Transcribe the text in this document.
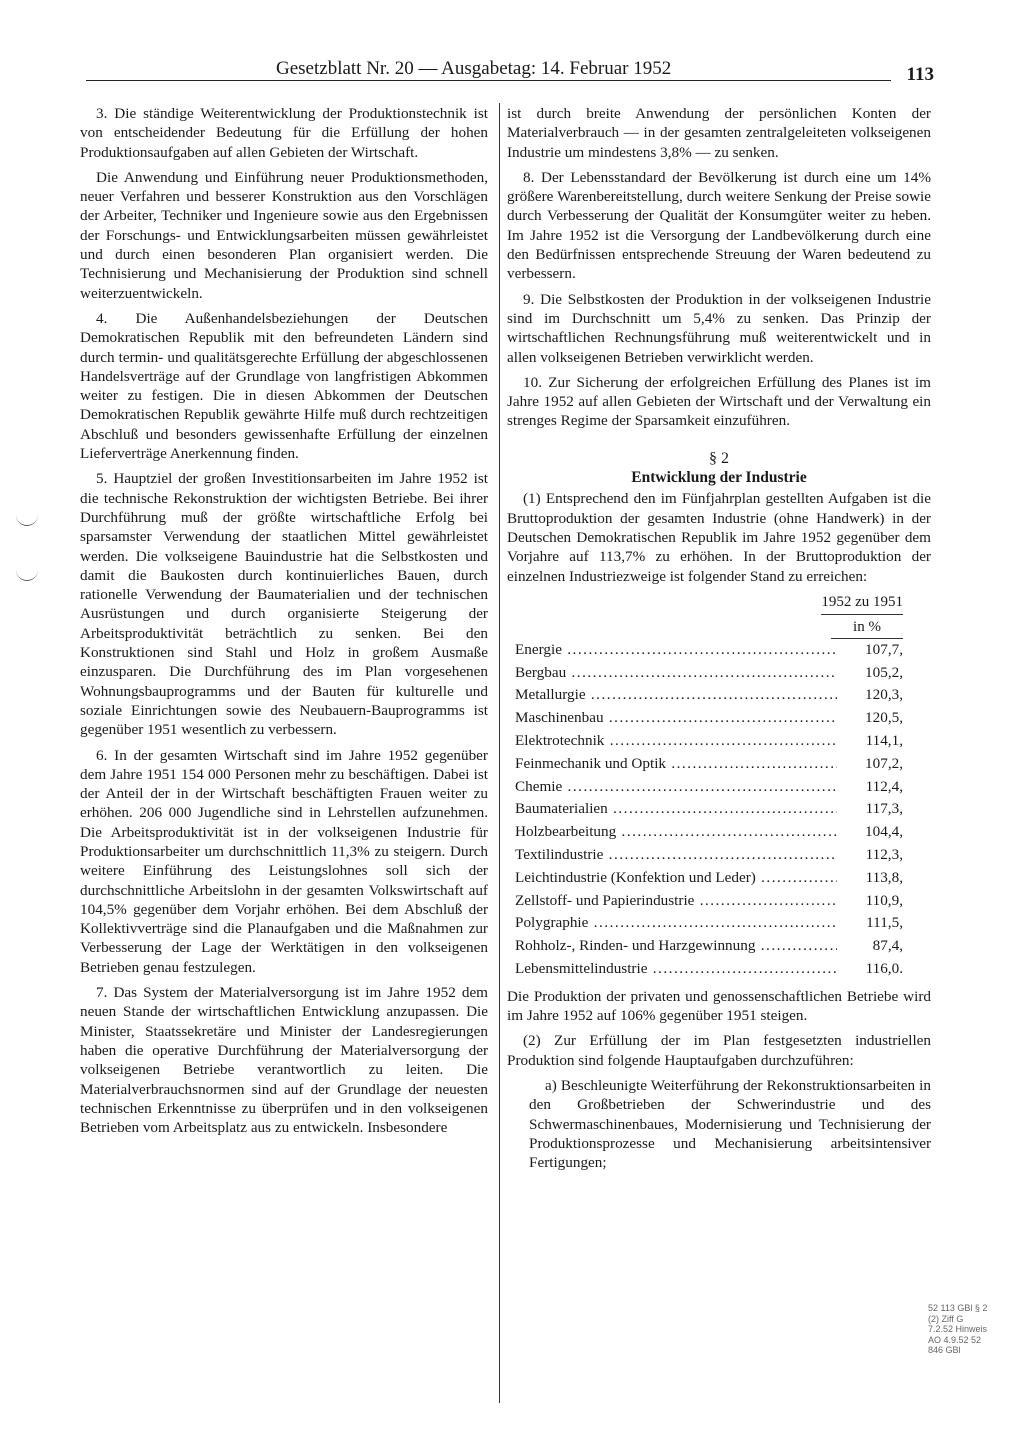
Gesetzblatt Nr. 20 — Ausgabetag: 14. Februar 1952	113

3. Die ständige Weiterentwicklung der Produktionstechnik ist von entscheidender Bedeutung für die Erfüllung der hohen Produktionsaufgaben auf allen Gebieten der Wirtschaft.

Die Anwendung und Einführung neuer Produktionsmethoden, neuer Verfahren und besserer Konstruktion aus den Vorschlägen der Arbeiter, Techniker und Ingenieure sowie aus den Ergebnissen der Forschungs- und Entwicklungsarbeiten müssen gewährleistet und durch einen besonderen Plan organisiert werden. Die Technisierung und Mechanisierung der Produktion sind schnell weiterzuentwickeln.

4. Die Außenhandelsbeziehungen der Deutschen Demokratischen Republik mit den befreundeten Ländern sind durch termin- und qualitätsgerechte Erfüllung der abgeschlossenen Handelsverträge auf der Grundlage von langfristigen Abkommen weiter zu festigen. Die in diesen Abkommen der Deutschen Demokratischen Republik gewährte Hilfe muß durch rechtzeitigen Abschluß und besonders gewissenhafte Erfüllung der einzelnen Lieferverträge Anerkennung finden.

5. Hauptziel der großen Investitionsarbeiten im Jahre 1952 ist die technische Rekonstruktion der wichtigsten Betriebe. Bei ihrer Durchführung muß der größte wirtschaftliche Erfolg bei sparsamster Verwendung der staatlichen Mittel gewährleistet werden. Die volkseigene Bauindustrie hat die Selbstkosten und damit die Baukosten durch kontinuierliches Bauen, durch rationelle Verwendung der Baumaterialien und der technischen Ausrüstungen und durch organisierte Steigerung der Arbeitsproduktivität beträchtlich zu senken. Bei den Konstruktionen sind Stahl und Holz in großem Ausmaße einzusparen. Die Durchführung des im Plan vorgesehenen Wohnungsbauprogramms und der Bauten für kulturelle und soziale Einrichtungen sowie des Neubauern-Bauprogramms ist gegenüber 1951 wesentlich zu verbessern.

6. In der gesamten Wirtschaft sind im Jahre 1952 gegenüber dem Jahre 1951 154 000 Personen mehr zu beschäftigen. Dabei ist der Anteil der in der Wirtschaft beschäftigten Frauen weiter zu erhöhen. 206 000 Jugendliche sind in Lehrstellen aufzunehmen. Die Arbeitsproduktivität ist in der volkseigenen Industrie für Produktionsarbeiter um durchschnittlich 11,3% zu steigern. Durch weitere Einführung des Leistungslohnes soll sich der durchschnittliche Arbeitslohn in der gesamten Volkswirtschaft auf 104,5% gegenüber dem Vorjahr erhöhen. Bei dem Abschluß der Kollektivverträge sind die Planaufgaben und die Maßnahmen zur Verbesserung der Lage der Werktätigen in den volkseigenen Betrieben genau festzulegen.

7. Das System der Materialversorgung ist im Jahre 1952 dem neuen Stande der wirtschaftlichen Entwicklung anzupassen. Die Minister, Staatssekretäre und Minister der Landesregierungen haben die operative Durchführung der Materialversorgung der volkseigenen Betriebe verantwortlich zu leiten. Die Materialverbrauchsnormen sind auf der Grundlage der neuesten technischen Erkenntnisse zu überprüfen und in den volkseigenen Betrieben vom Arbeitsplatz aus zu entwickeln. Insbesondere

ist durch breite Anwendung der persönlichen Konten der Materialverbrauch — in der gesamten zentralgeleiteten volkseigenen Industrie um mindestens 3,8% — zu senken.

8. Der Lebensstandard der Bevölkerung ist durch eine um 14% größere Warenbereitstellung, durch weitere Senkung der Preise sowie durch Verbesserung der Qualität der Konsumgüter weiter zu heben. Im Jahre 1952 ist die Versorgung der Landbevölkerung durch eine den Bedürfnissen entsprechende Streuung der Waren bedeutend zu verbessern.

9. Die Selbstkosten der Produktion in der volkseigenen Industrie sind im Durchschnitt um 5,4% zu senken. Das Prinzip der wirtschaftlichen Rechnungsführung muß weiterentwickelt und in allen volkseigenen Betrieben verwirklicht werden.

10. Zur Sicherung der erfolgreichen Erfüllung des Planes ist im Jahre 1952 auf allen Gebieten der Wirtschaft und der Verwaltung ein strenges Regime der Sparsamkeit einzuführen.

§ 2
Entwicklung der Industrie

(1) Entsprechend den im Fünfjahrplan gestellten Aufgaben ist die Bruttoproduktion der gesamten Industrie (ohne Handwerk) in der Deutschen Demokratischen Republik im Jahre 1952 gegenüber dem Vorjahre auf 113,7% zu erhöhen. In der Bruttoproduktion der einzelnen Industriezweige ist folgender Stand zu erreichen:

1952 zu 1951
in %
Energie .....	107,7,
Bergbau .....	105,2,
Metallurgie .....	120,3,
Maschinenbau .....	120,5,
Elektrotechnik .....	114,1,
Feinmechanik und Optik .....	107,2,
Chemie .....	112,4,
Baumaterialien .....	117,3,
Holzbearbeitung .....	104,4,
Textilindustrie .....	112,3,
Leichtindustrie (Konfektion und Leder) .....	113,8,
Zellstoff- und Papierindustrie .....	110,9,
Polygraphie .....	111,5,
Rohholz-, Rinden- und Harzgewinnung .....	87,4,
Lebensmittelindustrie .....	116,0.

Die Produktion der privaten und genossenschaftlichen Betriebe wird im Jahre 1952 auf 106% gegenüber 1951 steigen.

(2) Zur Erfüllung der im Plan festgesetzten industriellen Produktion sind folgende Hauptaufgaben durchzuführen:

a) Beschleunigte Weiterführung der Rekonstruktionsarbeiten in den Großbetrieben der Schwerindustrie und des Schwermaschinenbaues, Modernisierung und Technisierung der Produktionsprozesse und Mechanisierung arbeitsintensiver Fertigungen;

52 113 GBl § 2 (2) Ziff G 7.2.52 Hinweis AO 4.9.52 52 846 GBl
